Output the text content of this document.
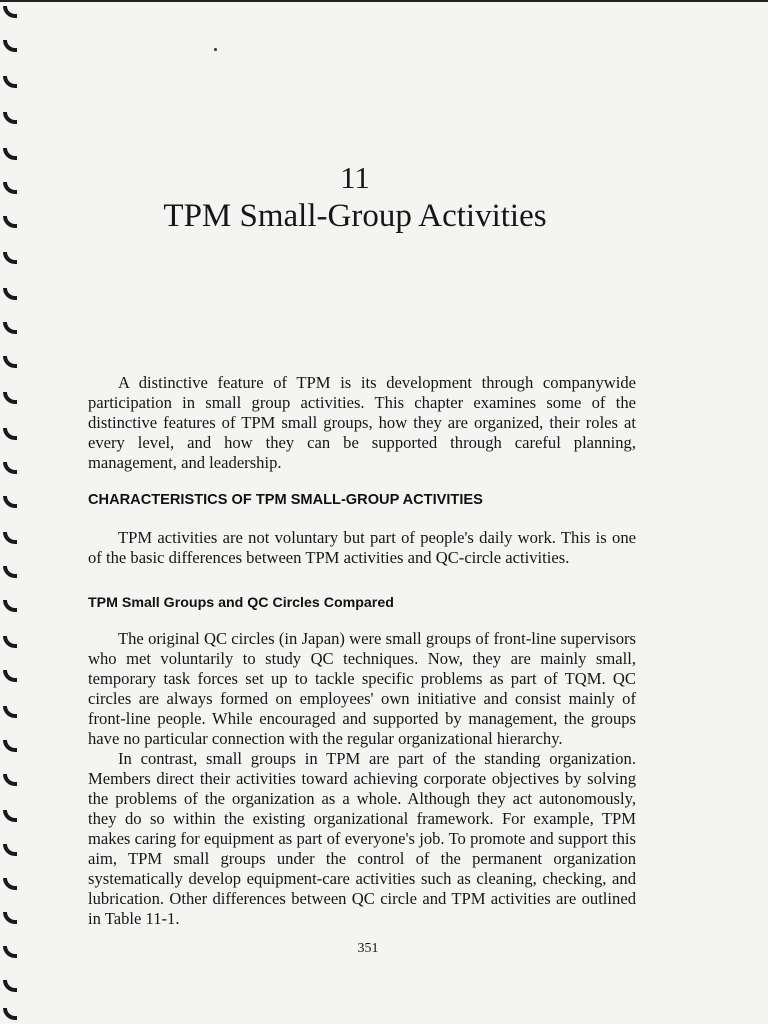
11
TPM Small-Group Activities

A distinctive feature of TPM is its development through companywide participation in small group activities. This chapter examines some of the distinctive features of TPM small groups, how they are organized, their roles at every level, and how they can be supported through careful planning, management, and leadership.

CHARACTERISTICS OF TPM SMALL-GROUP ACTIVITIES

TPM activities are not voluntary but part of people's daily work. This is one of the basic differences between TPM activities and QC-circle activities.

TPM Small Groups and QC Circles Compared

The original QC circles (in Japan) were small groups of front-line supervisors who met voluntarily to study QC techniques. Now, they are mainly small, temporary task forces set up to tackle specific problems as part of TQM. QC circles are always formed on employees' own initiative and consist mainly of front-line people. While encouraged and supported by management, the groups have no particular connection with the regular organizational hierarchy.

In contrast, small groups in TPM are part of the standing organization. Members direct their activities toward achieving corporate objectives by solving the problems of the organization as a whole. Although they act autonomously, they do so within the existing organizational framework. For example, TPM makes caring for equipment as part of everyone's job. To promote and support this aim, TPM small groups under the control of the permanent organization systematically develop equipment-care activities such as cleaning, checking, and lubrication. Other differences between QC circle and TPM activities are outlined in Table 11-1.

351
